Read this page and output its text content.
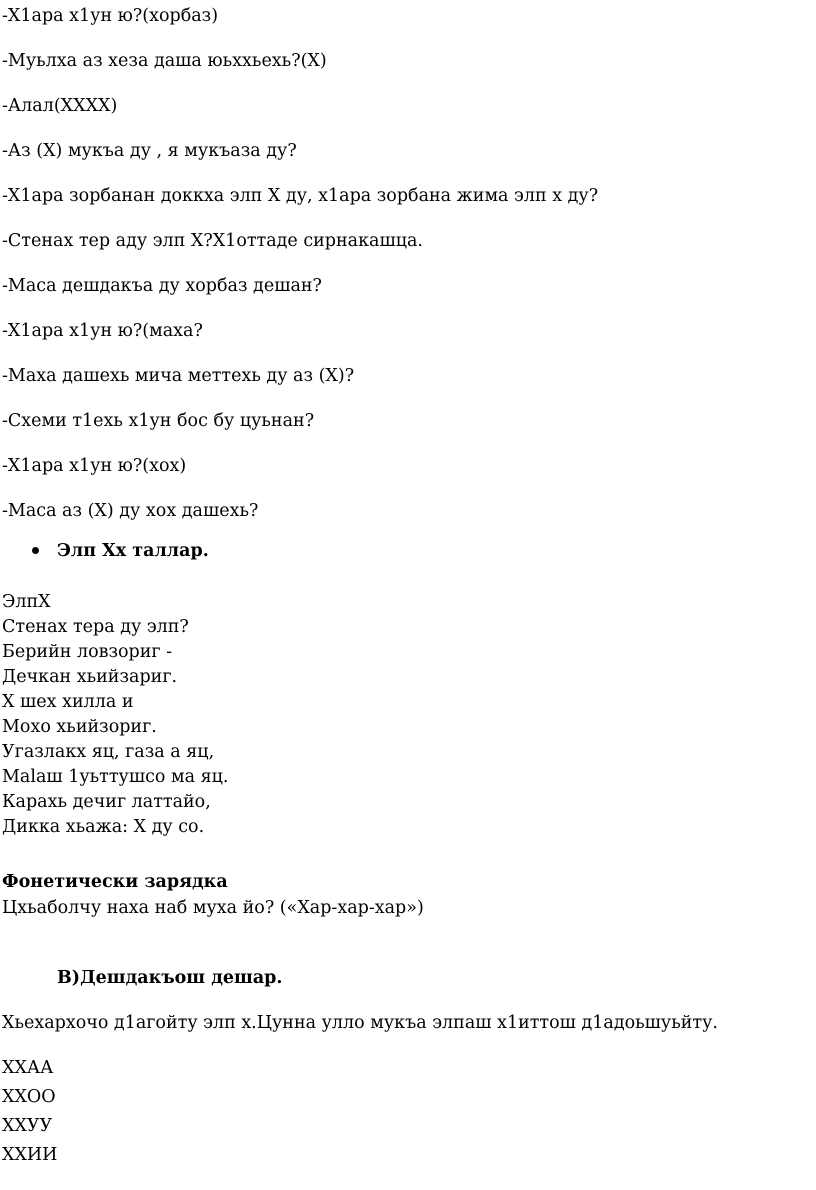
-Х1ара х1ун ю?(хорбаз)
-Муьлха аз хеза даша юьххьехь?(Х)
-Алал(ХХХХ)
-Аз (Х) мукъа ду , я мукъаза ду?
-Х1ара зорбанан доккха элп Х ду, х1ара зорбана жима элп х ду?
-Стенах тер аду элп Х?Х1оттаде сирнакашца.
-Маса дешдакъа ду хорбаз дешан?
-Х1ара х1ун ю?(маха?
-Маха дашехь мича меттехь ду аз (Х)?
-Схеми т1ехь х1ун бос бу цуьнан?
-Х1ара х1ун ю?(хох)
-Маса аз (Х) ду хох дашехь?
Элп Хх таллар.
ЭлпХ
Стенах тера ду элп?
Берийн ловзориг -
Дечкан хьийзариг.
Х шех хилла и
Мохо хьийзориг.
Угазлакх яц, газа а яц,
Маlаш 1уьттушсо ма яц.
Карахь дечиг латтайо,
Дикка хьажа: Х ду со.
Фонетически зарядка
Цхьаболчу наха наб муха йо? («Хар-хар-хар»)
В)Дешдакъош дешар.
Хьехархочо д1агойту элп х.Цунна улло мукъа элпаш х1иттош д1адоьшуьйту.
ХХАА
ХХОО
ХХУУ
ХХИИ
